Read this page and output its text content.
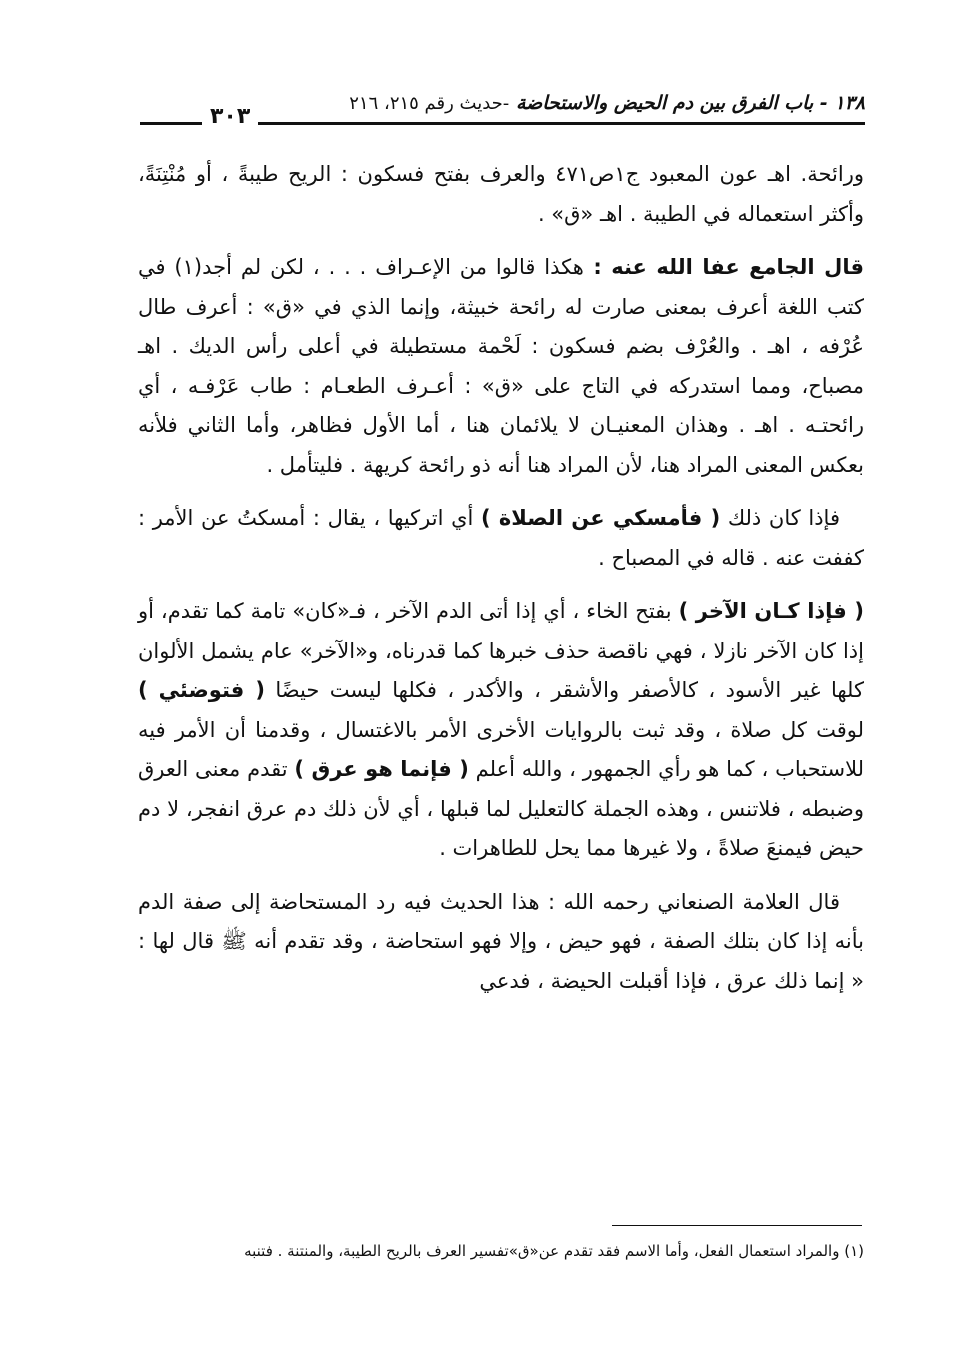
١٣٨ - باب الفرق بين دم الحيض والاستحاضة -حديث رقم ٢١٥، ٢١٦
٣٠٣

ورائحة. اهـ عون المعبود ج١ص٤٧١ والعرف بفتح فسكون : الريح طيبةً ، أو مُنْتِنَةً، وأكثر استعماله في الطيبة . اهـ «ق» .

قال الجامع عفا الله عنه : هكذا قالوا من الإعـراف . . . ، لكن لم أجد(١) في كتب اللغة أعرف بمعنى صارت له رائحة خبيثة، وإنما الذي في «ق» : أعرف طال عُرْفه ، اهـ . والعُرْف بضم فسكون : لَحْمة مستطيلة في أعلى رأس الديك . اهـ مصباح، ومما استدركه في التاج على «ق» : أعـرف الطعـام : طاب عَرْفـه ، أي رائحتـه . اهـ . وهذان المعنيـان لا يلائمان هنا ، أما الأول فظاهر، وأما الثاني فلأنه بعكس المعنى المراد هنا، لأن المراد هنا أنه ذو رائحة كريهة . فليتأمل .

فإذا كان ذلك ( فأمسكي عن الصلاة ) أي اتركيها ، يقال : أمسكتُ عن الأمر : كففت عنه . قاله في المصباح .

( فإذا كـان الآخر ) بفتح الخاء ، أي إذا أتى الدم الآخر ، فـ«كان» تامة كما تقدم، أو إذا كان الآخر نازلا ، فهي ناقصة حذف خبرها كما قدرناه، و«الآخر» عام يشمل الألوان كلها غير الأسود ، كالأصفر والأشقر ، والأكدر ، فكلها ليست حيضًا ( فتوضئي ) لوقت كل صلاة ، وقد ثبت بالروايات الأخرى الأمر بالاغتسال ، وقدمنا أن الأمر فيه للاستحباب ، كما هو رأي الجمهور ، والله أعلم ( فإنما هو عرق ) تقدم معنى العرق وضبطه ، فلاتنس ، وهذه الجملة كالتعليل لما قبلها ، أي لأن ذلك دم عرق انفجر، لا دم حيض فيمنعَ صلاةً ، ولا غيرها مما يحل للطاهرات .

قال العلامة الصنعاني رحمه الله : هذا الحديث فيه رد المستحاضة إلى صفة الدم بأنه إذا كان بتلك الصفة ، فهو حيض ، وإلا فهو استحاضة ، وقد تقدم أنه ﷺ قال لها : « إنما ذلك عرق ، فإذا أقبلت الحيضة ، فدعي

(١) والمراد استعمال الفعل، وأما الاسم فقد تقدم عن«ق»تفسير العرف بالريح الطيبة، والمنتنة . فتنبه
